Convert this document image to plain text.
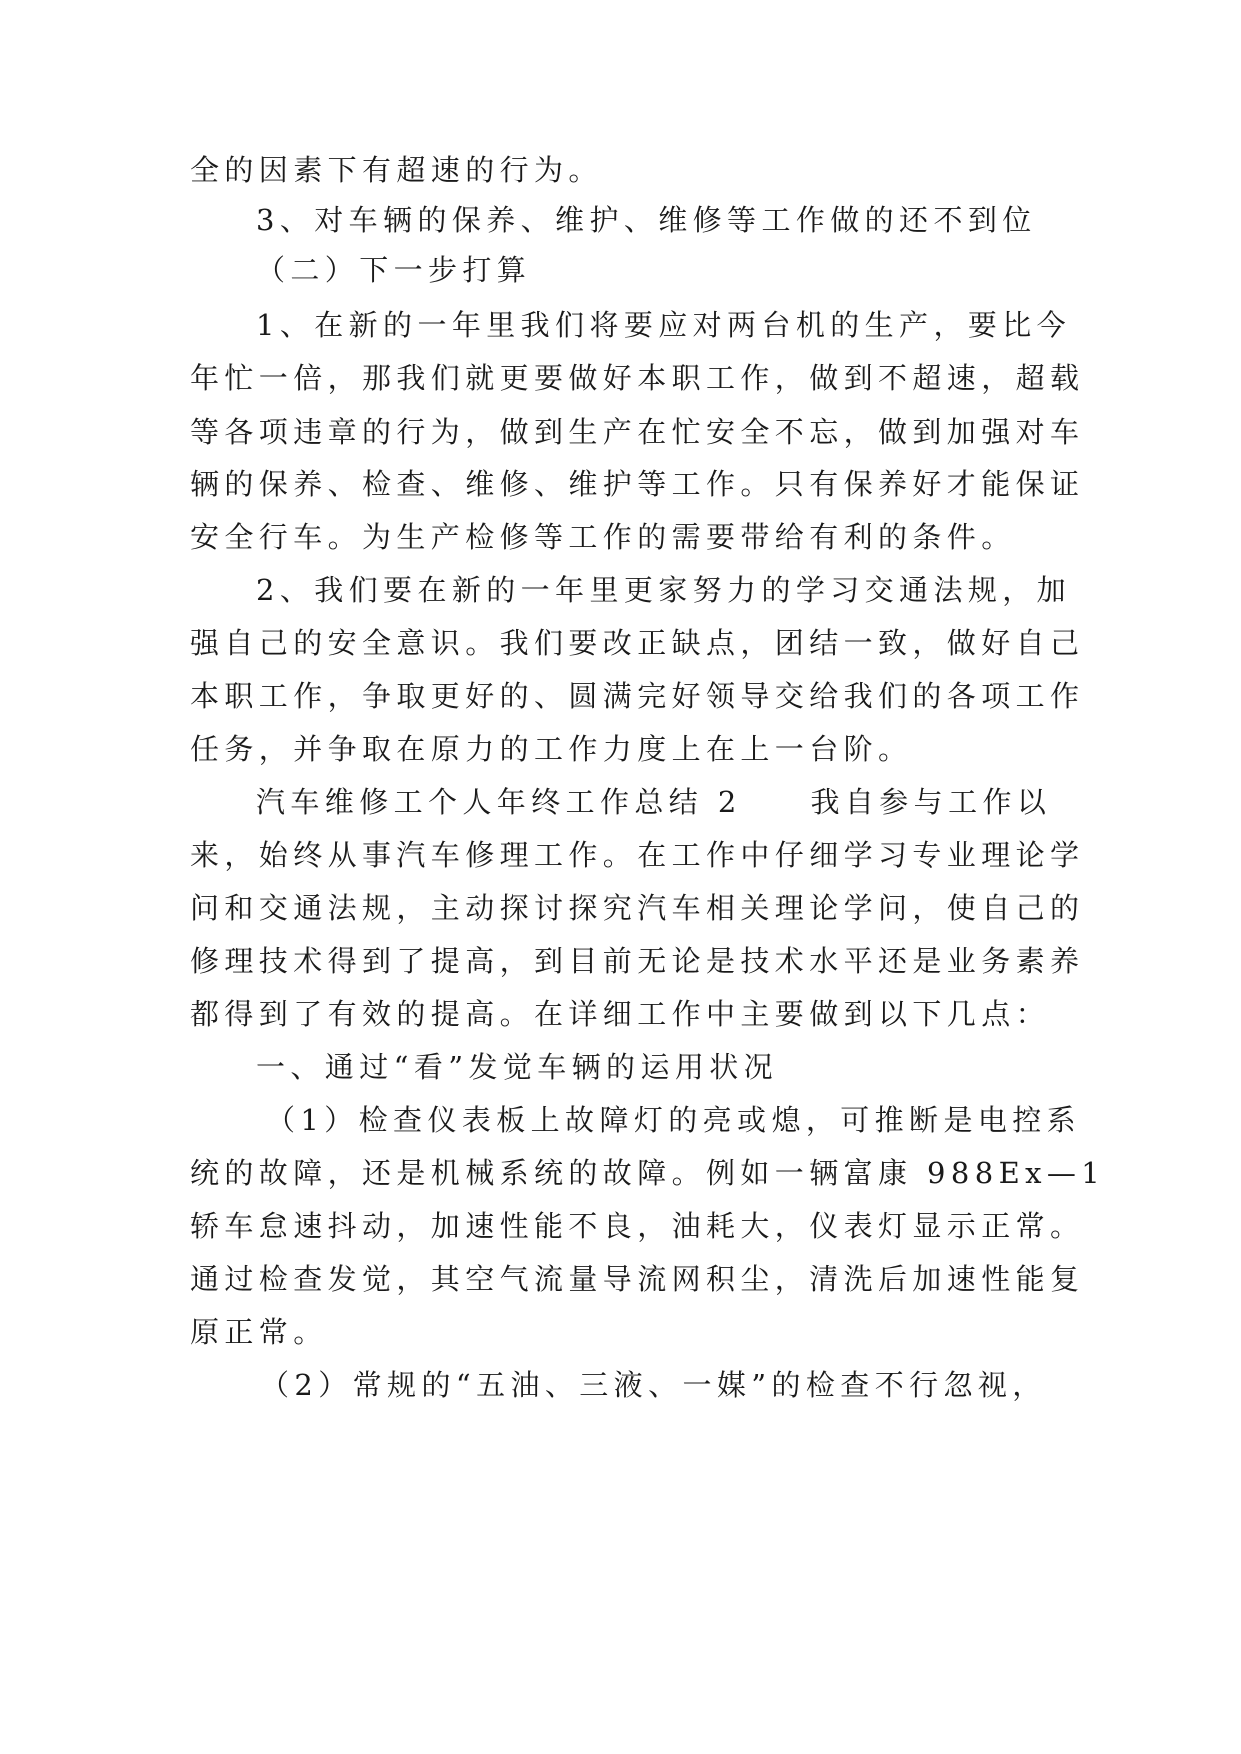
全的因素下有超速的行为。
3、对车辆的保养、维护、维修等工作做的还不到位
（二）下一步打算
1、在新的一年里我们将要应对两台机的生产，要比今
年忙一倍，那我们就更要做好本职工作，做到不超速，超载
等各项违章的行为，做到生产在忙安全不忘，做到加强对车
辆的保养、检查、维修、维护等工作。只有保养好才能保证
安全行车。为生产检修等工作的需要带给有利的条件。
2、我们要在新的一年里更家努力的学习交通法规，加
强自己的安全意识。我们要改正缺点，团结一致，做好自己
本职工作，争取更好的、圆满完好领导交给我们的各项工作
任务，并争取在原力的工作力度上在上一台阶。
汽车维修工个人年终工作总结 2　　我自参与工作以
来，始终从事汽车修理工作。在工作中仔细学习专业理论学
问和交通法规，主动探讨探究汽车相关理论学问，使自己的
修理技术得到了提高，到目前无论是技术水平还是业务素养
都得到了有效的提高。在详细工作中主要做到以下几点：
一、通过“看”发觉车辆的运用状况
（1）检查仪表板上故障灯的亮或熄，可推断是电控系
统的故障，还是机械系统的故障。例如一辆富康 988Ex—1
轿车怠速抖动，加速性能不良，油耗大，仪表灯显示正常。
通过检查发觉，其空气流量导流网积尘，清洗后加速性能复
原正常。
（2）常规的“五油、三液、一媒”的检查不行忽视，
